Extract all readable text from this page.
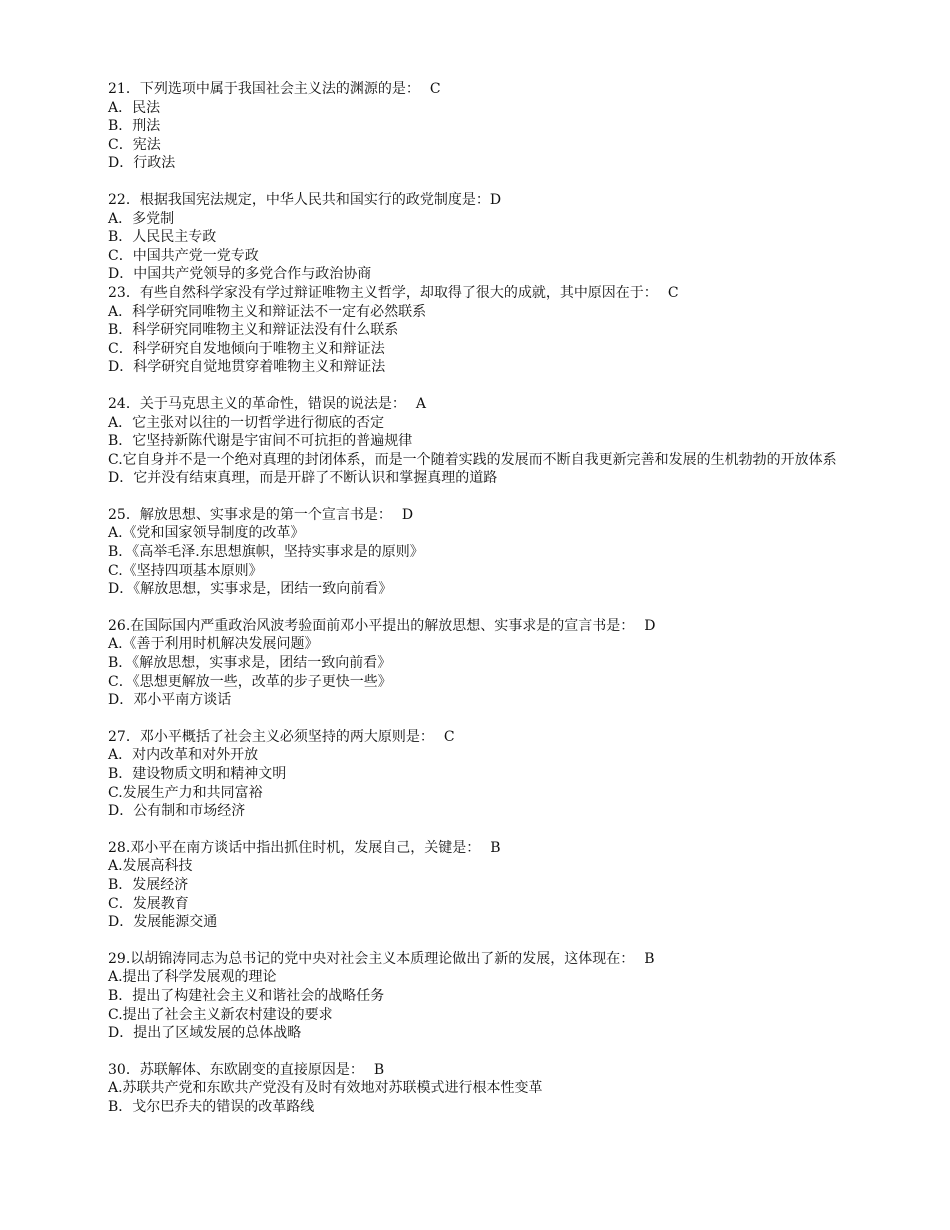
21．下列选项中属于我国社会主义法的渊源的是： C
A．民法
B．刑法
C．宪法
D．行政法
22．根据我国宪法规定，中华人民共和国实行的政党制度是：D
A．多党制
B．人民民主专政
C．中国共产党一党专政
D．中国共产党领导的多党合作与政治协商
23．有些自然科学家没有学过辩证唯物主义哲学，却取得了很大的成就，其中原因在于： C
A．科学研究同唯物主义和辩证法不一定有必然联系
B．科学研究同唯物主义和辩证法没有什么联系
C．科学研究自发地倾向于唯物主义和辩证法
D．科学研究自觉地贯穿着唯物主义和辩证法
24．关于马克思主义的革命性，错误的说法是： A
A．它主张对以往的一切哲学进行彻底的否定
B．它坚持新陈代谢是宇宙间不可抗拒的普遍规律
C.它自身并不是一个绝对真理的封闭体系，而是一个随着实践的发展而不断自我更新完善和发展的生机勃勃的开放体系
D．它并没有结束真理，而是开辟了不断认识和掌握真理的道路
25．解放思想、实事求是的第一个宣言书是： D
A.《党和国家领导制度的改革》
B．《高举毛泽.东思想旗帜，坚持实事求是的原则》
C.《坚持四项基本原则》
D．《解放思想，实事求是，团结一致向前看》
26.在国际国内严重政治风波考验面前邓小平提出的解放思想、实事求是的宣言书是： D
A.《善于利用时机解决发展问题》
B．《解放思想，实事求是，团结一致向前看》
C．《思想更解放一些，改革的步子更快一些》
D．邓小平南方谈话
27．邓小平概括了社会主义必须坚持的两大原则是： C
A．对内改革和对外开放
B．建设物质文明和精神文明
C.发展生产力和共同富裕
D．公有制和市场经济
28.邓小平在南方谈话中指出抓住时机，发展自己，关键是： B
A.发展高科技
B．发展经济
C．发展教育
D．发展能源交通
29.以胡锦涛同志为总书记的党中央对社会主义本质理论做出了新的发展，这体现在： B
A.提出了科学发展观的理论
B．提出了构建社会主义和谐社会的战略任务
C.提出了社会主义新农村建设的要求
D．提出了区域发展的总体战略
30．苏联解体、东欧剧变的直接原因是： B
A.苏联共产党和东欧共产党没有及时有效地对苏联模式进行根本性变革
B．戈尔巴乔夫的错误的改革路线
